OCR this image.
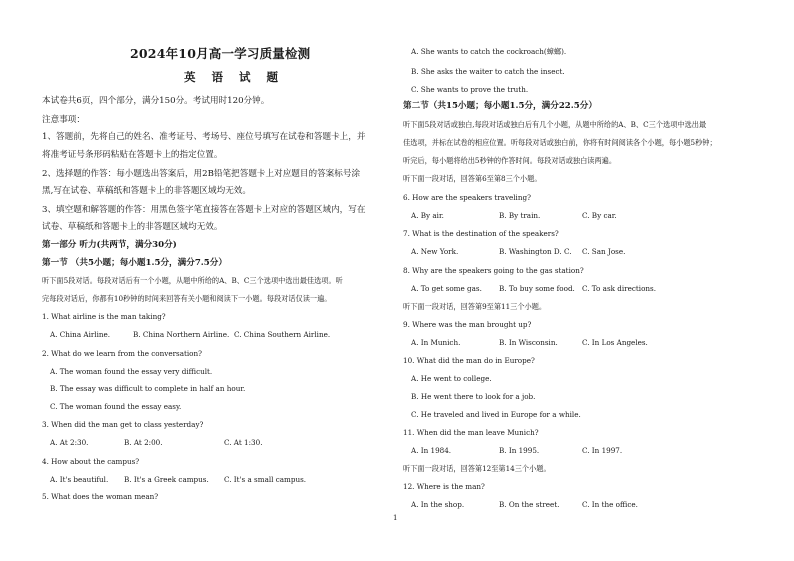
2024年10月高一学习质量检测
英 语 试 题
本试卷共6页，四个部分，满分150分。考试用时120分钟。
注意事项：
1、答题前，先将自己的姓名、准考证号、考场号、座位号填写在试卷和答题卡上，并
将准考证号条形码粘贴在答题卡上的指定位置。
2、选择题的作答：每小题选出答案后，用2B铅笔把答题卡上对应题目的答案标号涂
黑,写在试卷、草稿纸和答题卡上的非答题区域均无效。
3、填空题和解答题的作答：用黑色签字笔直接答在答题卡上对应的答题区域内，写在
试卷、草稿纸和答题卡上的非答题区域均无效。
第一部分 听力(共两节，满分30分)
第一节 （共5小题；每小题1.5分，满分7.5分）
听下面5段对话。每段对话后有一个小题，从题中所给的A、B、C三个选项中选出最佳选项。听
完每段对话后，你都有10秒钟的时间来回答有关小题和阅读下一小题。每段对话仅读一遍。
1. What airline is the man taking?
A. China Airline.	B. China Northern Airline. C. China Southern Airline.
2. What do we learn from the conversation?
A. The woman found the essay very difficult.
B. The essay was difficult to complete in half an hour.
C. The woman found the essay easy.
3. When did the man get to class yesterday?
A. At 2:30.	B. At 2:00.	C. At 1:30.
4. How about the campus?
A. It's beautiful. B. It's a Greek campus. C. It's a small campus.
5. What does the woman mean?
A. She wants to catch the cockroach(蟑螂).
B. She asks the waiter to catch the insect.
C. She wants to prove the truth.
第二节（共15小题；每小题1.5分，满分22.5分）
听下面5段对话或独白,每段对话或独白后有几个小题，从题中所给的A、B、C三个选项中选出最
佳选项，并标在试卷的相应位置。听每段对话或独白前，你将有时间阅读各个小题，每小题5秒钟；
听完后，每小题将给出5秒钟的作答时间。每段对话或独白读两遍。
听下面一段对话，回答第6至第8三个小题。
6. How are the speakers traveling?
A. By air.	B. By train.	C. By car.
7. What is the destination of the speakers?
A. New York.	B. Washington D. C. C. San Jose.
8. Why are the speakers going to the gas station?
A. To get some gas. B. To buy some food. C. To ask directions.
听下面一段对话，回答第9至第11三个小题。
9. Where was the man brought up?
A. In Munich.	B. In Wisconsin.	C. In Los Angeles.
10. What did the man do in Europe?
A. He went to college.
B. He went there to look for a job.
C. He traveled and lived in Europe for a while.
11. When did the man leave Munich?
A. In 1984.	B. In 1995.	C. In 1997.
听下面一段对话，回答第12至第14三个小题。
12. Where is the man?
A. In the shop.	B. On the street.	C. In the office.
1
